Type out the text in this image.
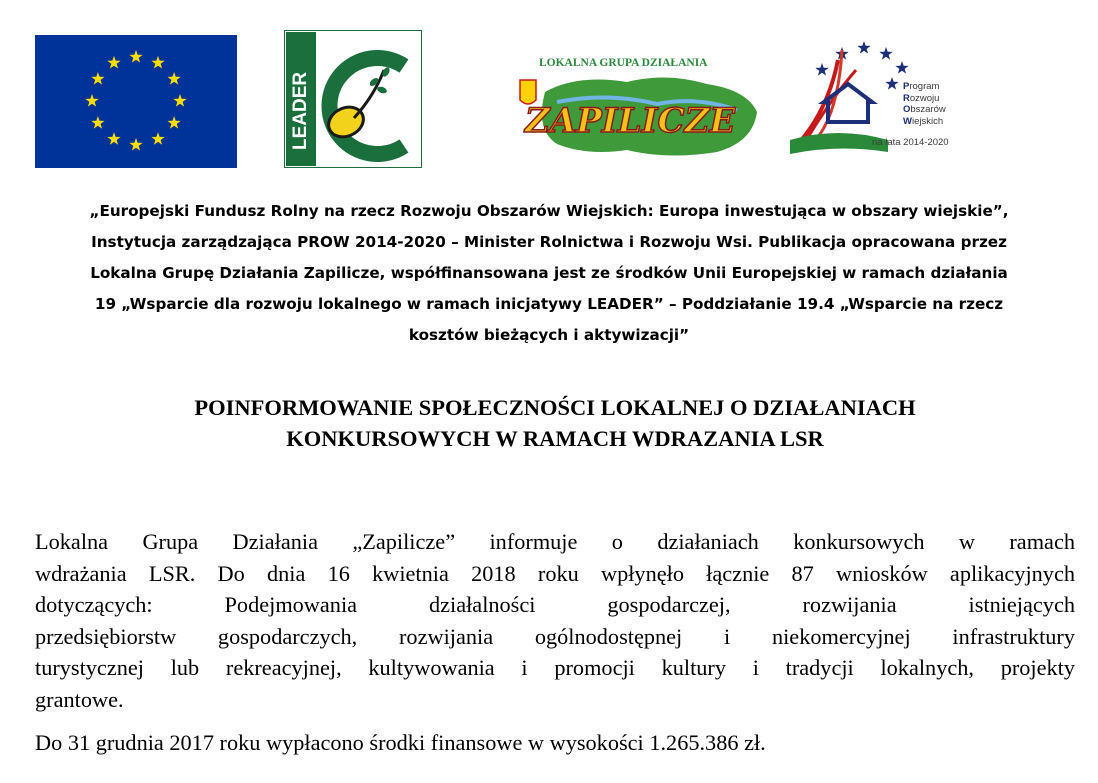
LEADER
LOKALNA GRUPA DZIAŁANIA
ZAPILICZE
Program
Rozwoju
Obszarów
Wiejskich
na lata 2014-2020
„Europejski Fundusz Rolny na rzecz Rozwoju Obszarów Wiejskich: Europa inwestująca w obszary wiejskie”,
Instytucja zarządzająca PROW 2014-2020 – Minister Rolnictwa i Rozwoju Wsi. Publikacja opracowana przez
Lokalna Grupę Działania Zapilicze, współfinansowana jest ze środków Unii Europejskiej w ramach działania
19 „Wsparcie dla rozwoju lokalnego w ramach inicjatywy LEADER” – Poddziałanie 19.4 „Wsparcie na rzecz
kosztów bieżących i aktywizacji”
POINFORMOWANIE SPOŁECZNOŚCI LOKALNEJ O DZIAŁANIACH
KONKURSOWYCH W RAMACH WDRAZANIA LSR
Lokalna Grupa Działania „Zapilicze” informuje o działaniach konkursowych w ramach
wdrażania LSR. Do dnia 16 kwietnia 2018 roku wpłynęło łącznie 87 wniosków aplikacyjnych
dotyczących: Podejmowania działalności gospodarczej, rozwijania istniejących
przedsiębiorstw gospodarczych, rozwijania ogólnodostępnej i niekomercyjnej infrastruktury
turystycznej lub rekreacyjnej, kultywowania i promocji kultury i tradycji lokalnych, projekty
grantowe.
Do 31 grudnia 2017 roku wypłacono środki finansowe w wysokości 1.265.386 zł.
